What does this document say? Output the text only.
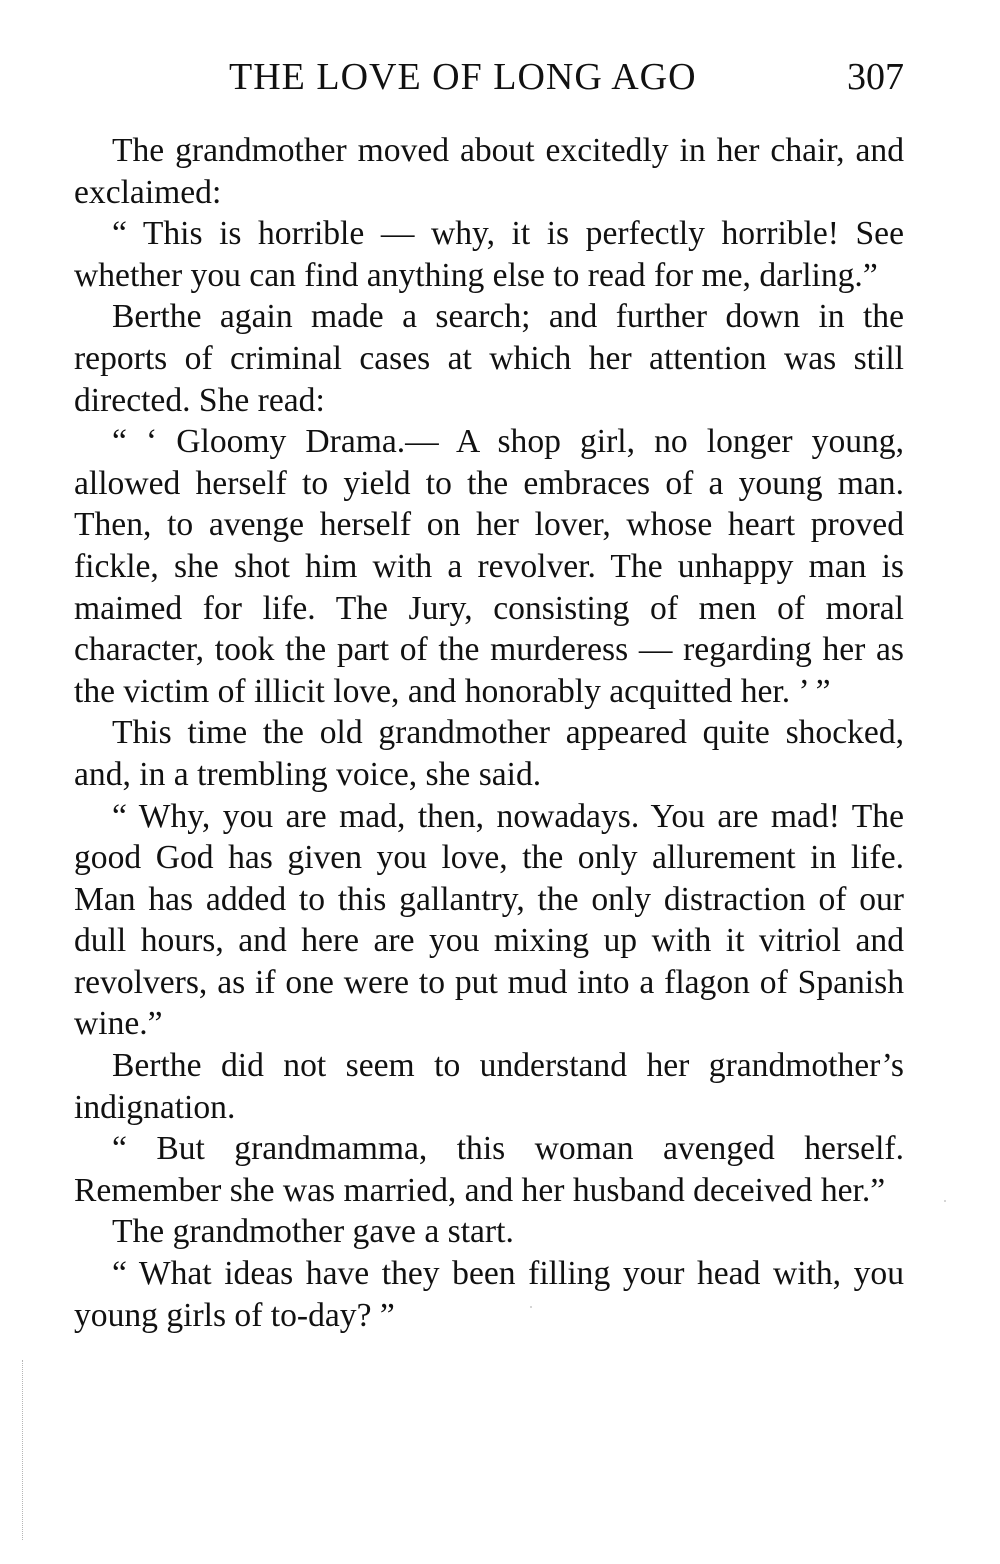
THE LOVE OF LONG AGO	307

The grandmother moved about excitedly in her chair, and exclaimed:

“ This is horrible — why, it is perfectly horrible! See whether you can find anything else to read for me, darling.”

Berthe again made a search; and further down in the reports of criminal cases at which her attention was still directed. She read:

“ ‘ Gloomy Drama.— A shop girl, no longer young, allowed herself to yield to the embraces of a young man. Then, to avenge herself on her lover, whose heart proved fickle, she shot him with a revolver. The unhappy man is maimed for life. The Jury, consisting of men of moral character, took the part of the murderess — regarding her as the victim of illicit love, and honorably acquitted her. ’ ”

This time the old grandmother appeared quite shocked, and, in a trembling voice, she said.

“ Why, you are mad, then, nowadays. You are mad! The good God has given you love, the only allurement in life. Man has added to this gallantry, the only distraction of our dull hours, and here are you mixing up with it vitriol and revolvers, as if one were to put mud into a flagon of Spanish wine.”

Berthe did not seem to understand her grandmother’s indignation.

“ But grandmamma, this woman avenged herself. Remember she was married, and her husband deceived her.”

The grandmother gave a start.

“ What ideas have they been filling your head with, you young girls of to-day? ”
